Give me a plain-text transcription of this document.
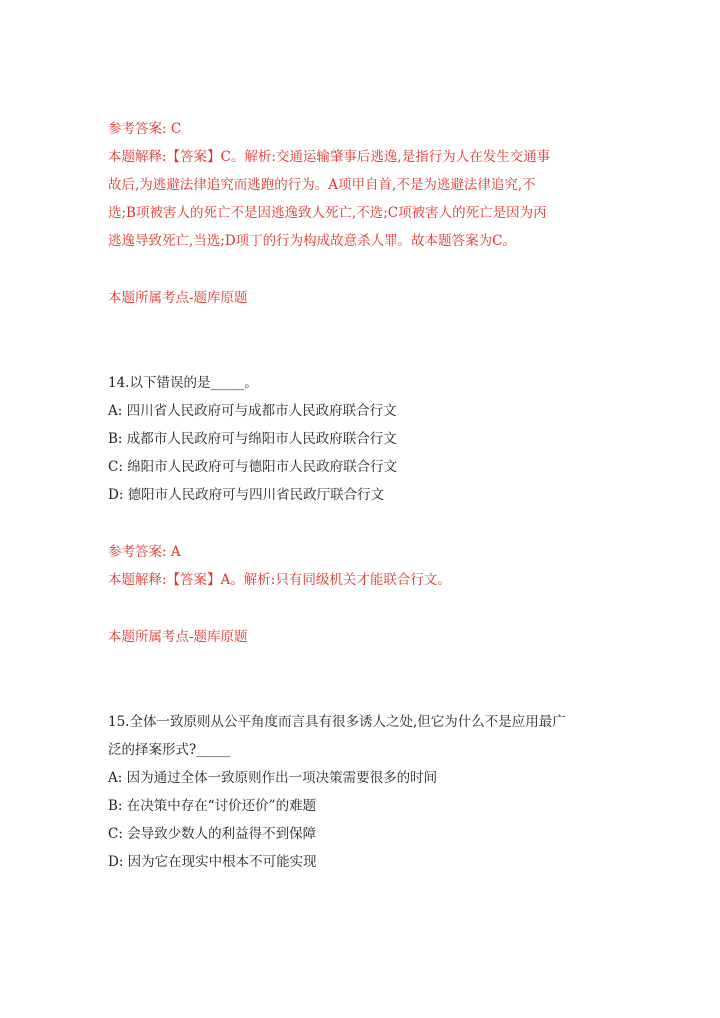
参考答案: C
本题解释:【答案】C。解析:交通运输肇事后逃逸,是指行为人在发生交通事
故后,为逃避法律追究而逃跑的行为。A项甲自首,不是为逃避法律追究,不
选;B项被害人的死亡不是因逃逸致人死亡,不选;C项被害人的死亡是因为丙
逃逸导致死亡,当选;D项丁的行为构成故意杀人罪。故本题答案为C。
本题所属考点-题库原题
14.以下错误的是_____。
A: 四川省人民政府可与成都市人民政府联合行文
B: 成都市人民政府可与绵阳市人民政府联合行文
C: 绵阳市人民政府可与德阳市人民政府联合行文
D: 德阳市人民政府可与四川省民政厅联合行文
参考答案: A
本题解释:【答案】A。解析:只有同级机关才能联合行文。
本题所属考点-题库原题
15.全体一致原则从公平角度而言具有很多诱人之处,但它为什么不是应用最广
泛的择案形式?_____
A: 因为通过全体一致原则作出一项决策需要很多的时间
B: 在决策中存在“讨价还价”的难题
C: 会导致少数人的利益得不到保障
D: 因为它在现实中根本不可能实现
